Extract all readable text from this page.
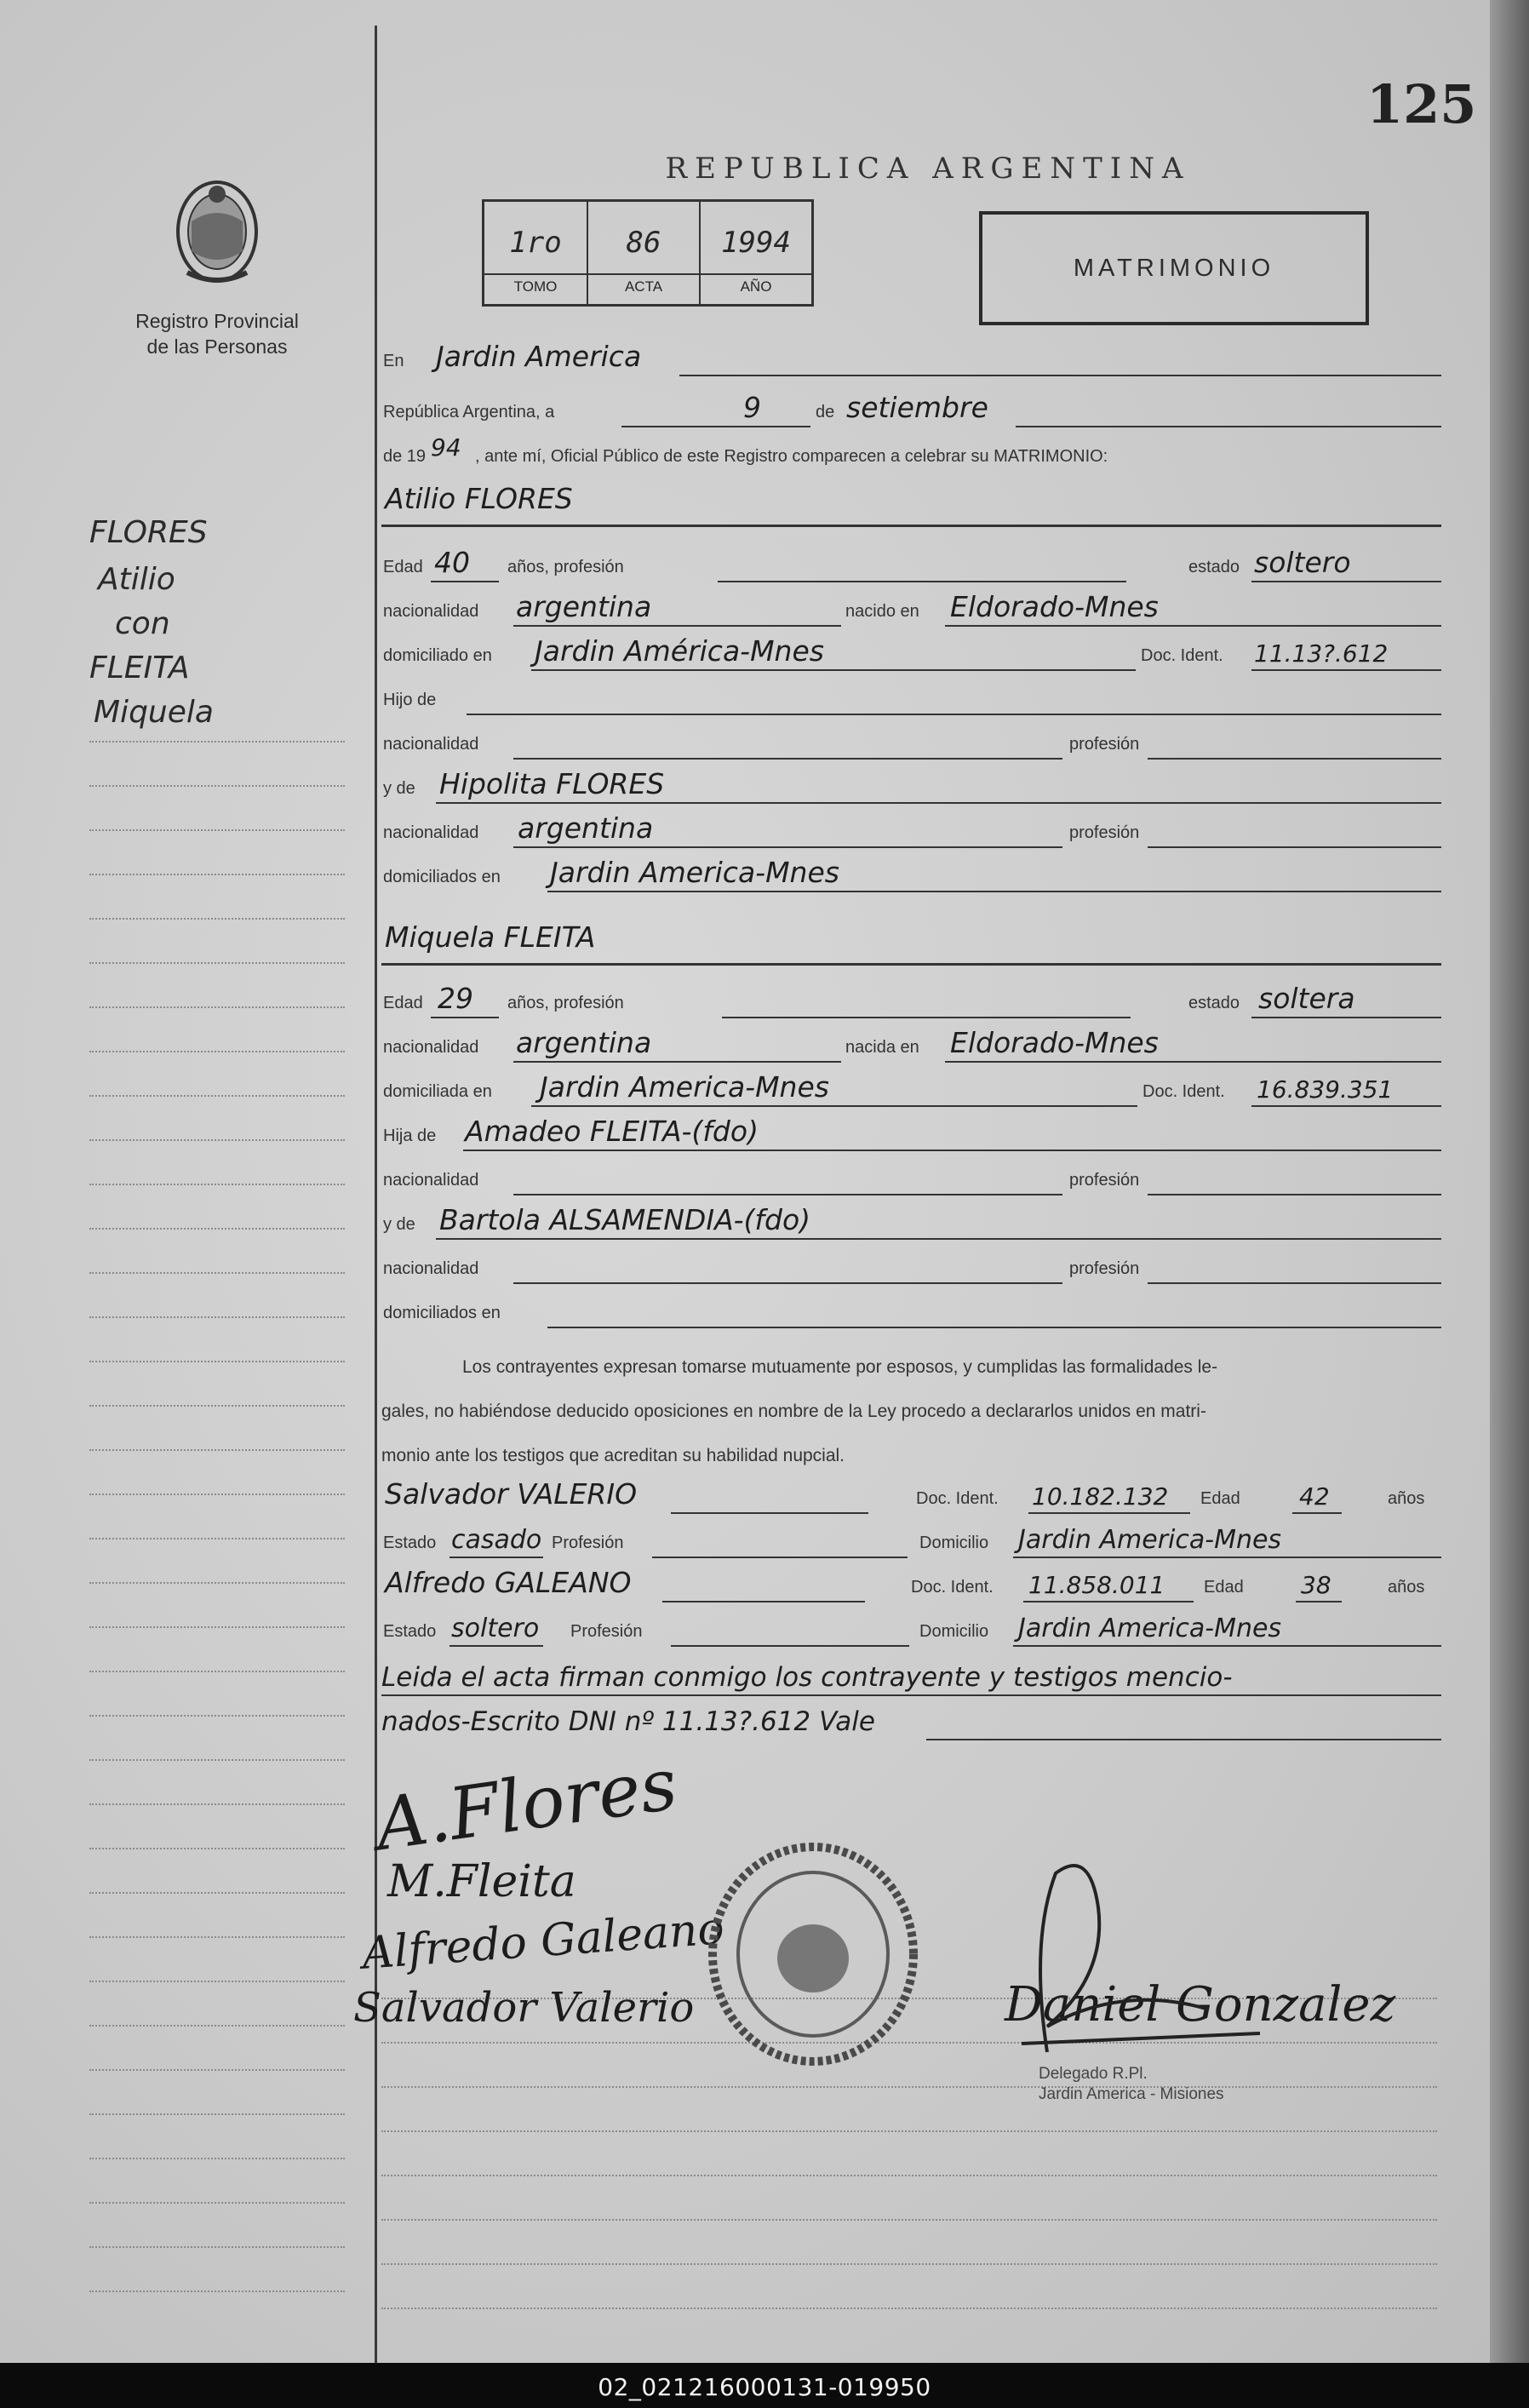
125
Registro Provincial
de las Personas
REPUBLICA ARGENTINA
1ro
TOMO
86
ACTA
1994
AÑO
MATRIMONIO
FLORES
Atilio
con
FLEITA
Miquela
En Jardin America
República Argentina, a	9	de setiembre
de 19 94 , ante mí, Oficial Público de este Registro comparecen a celebrar su MATRIMONIO:
Atilio FLORES
Edad 40 años, profesión	estado soltero
nacionalidad argentina	nacido en Eldorado-Mnes
domiciliado en Jardin América-Mnes	Doc. Ident. 11.13?.612
Hijo de
nacionalidad	profesión
y de Hipolita FLORES
nacionalidad argentina	profesión
domiciliados en Jardin America-Mnes
Miquela FLEITA
Edad 29 años, profesión	estado soltera
nacionalidad argentina	nacida en Eldorado-Mnes
domiciliada en Jardin America-Mnes	Doc. Ident. 16.839.351
Hija de Amadeo FLEITA-(fdo)
nacionalidad	profesión
y de Bartola ALSAMENDIA-(fdo)
nacionalidad	profesión
domiciliados en
Los contrayentes expresan tomarse mutuamente por esposos, y cumplidas las formalidades le-
gales, no habiéndose deducido oposiciones en nombre de la Ley procedo a declararlos unidos en matri-
monio ante los testigos que acreditan su habilidad nupcial.
Salvador VALERIO	Doc. Ident. 10.182.132 Edad 42	años
Estado casado Profesión	Domicilio Jardin America-Mnes
Alfredo GALEANO	Doc. Ident. 11.858.011 Edad 38	años
Estado soltero Profesión	Domicilio Jardin America-Mnes
Leida el acta firman conmigo los contrayente y testigos mencio-
nados-Escrito DNI nº 11.13?.612 Vale
A.Flores
M.Fleita
Alfredo Galeano
Salvador Valerio	Daniel Gonzalez
Delegado R.Pl.
Jardin America - Misiones
02_021216000131-019950
